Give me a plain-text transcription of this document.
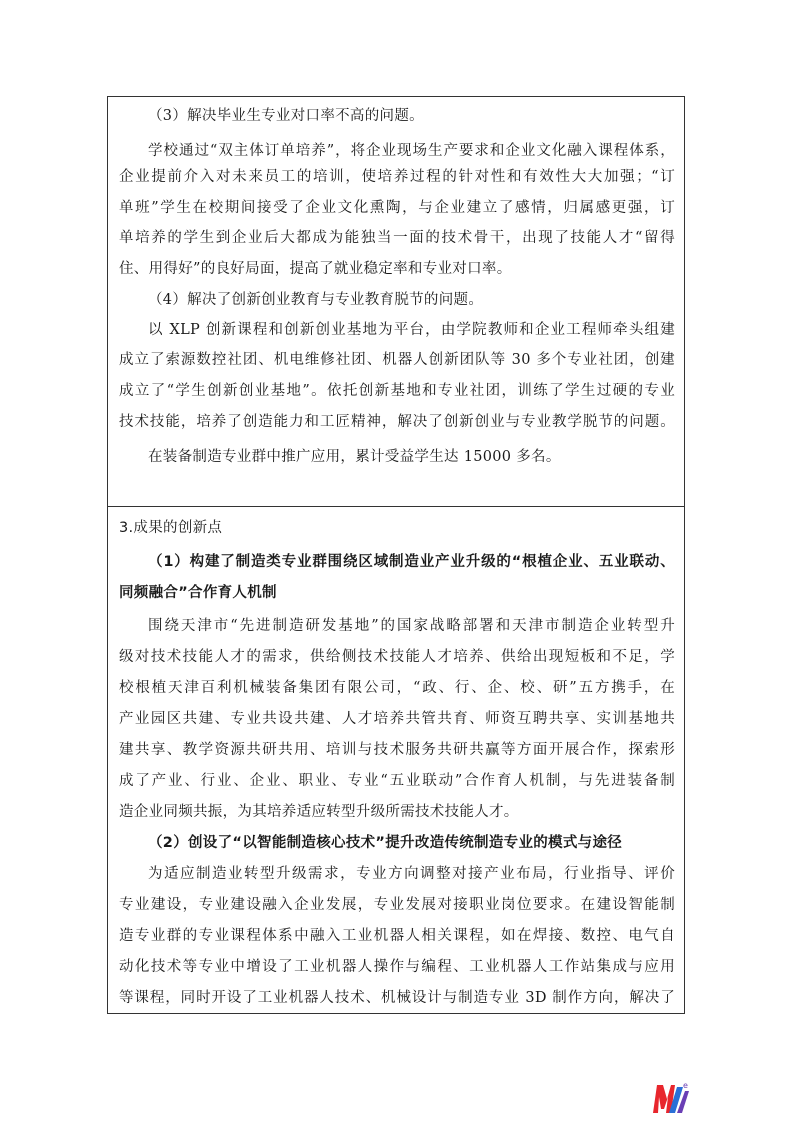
（3）解决毕业生专业对口率不高的问题。
学校通过“双主体订单培养”，将企业现场生产要求和企业文化融入课程体系，
企业提前介入对未来员工的培训，使培养过程的针对性和有效性大大加强；“订
单班”学生在校期间接受了企业文化熏陶，与企业建立了感情，归属感更强，订
单培养的学生到企业后大都成为能独当一面的技术骨干，出现了技能人才“留得
住、用得好”的良好局面，提高了就业稳定率和专业对口率。
（4）解决了创新创业教育与专业教育脱节的问题。
以 XLP 创新课程和创新创业基地为平台，由学院教师和企业工程师牵头组建
成立了索源数控社团、机电维修社团、机器人创新团队等 30 多个专业社团，创建
成立了“学生创新创业基地”。依托创新基地和专业社团，训练了学生过硬的专业
技术技能，培养了创造能力和工匠精神，解决了创新创业与专业教学脱节的问题。
在装备制造专业群中推广应用，累计受益学生达 15000 多名。
3.成果的创新点
（1）构建了制造类专业群围绕区域制造业产业升级的“根植企业、五业联动、
同频融合”合作育人机制
围绕天津市“先进制造研发基地”的国家战略部署和天津市制造企业转型升
级对技术技能人才的需求，供给侧技术技能人才培养、供给出现短板和不足，学
校根植天津百利机械装备集团有限公司，“政、行、企、校、研”五方携手，在
产业园区共建、专业共设共建、人才培养共管共育、师资互聘共享、实训基地共
建共享、教学资源共研共用、培训与技术服务共研共赢等方面开展合作，探索形
成了产业、行业、企业、职业、专业“五业联动”合作育人机制，与先进装备制
造企业同频共振，为其培养适应转型升级所需技术技能人才。
（2）创设了“以智能制造核心技术”提升改造传统制造专业的模式与途径
为适应制造业转型升级需求，专业方向调整对接产业布局，行业指导、评价
专业建设，专业建设融入企业发展，专业发展对接职业岗位要求。在建设智能制
造专业群的专业课程体系中融入工业机器人相关课程，如在焊接、数控、电气自
动化技术等专业中增设了工业机器人操作与编程、工业机器人工作站集成与应用
等课程，同时开设了工业机器人技术、机械设计与制造专业 3D 制作方向，解决了
e
